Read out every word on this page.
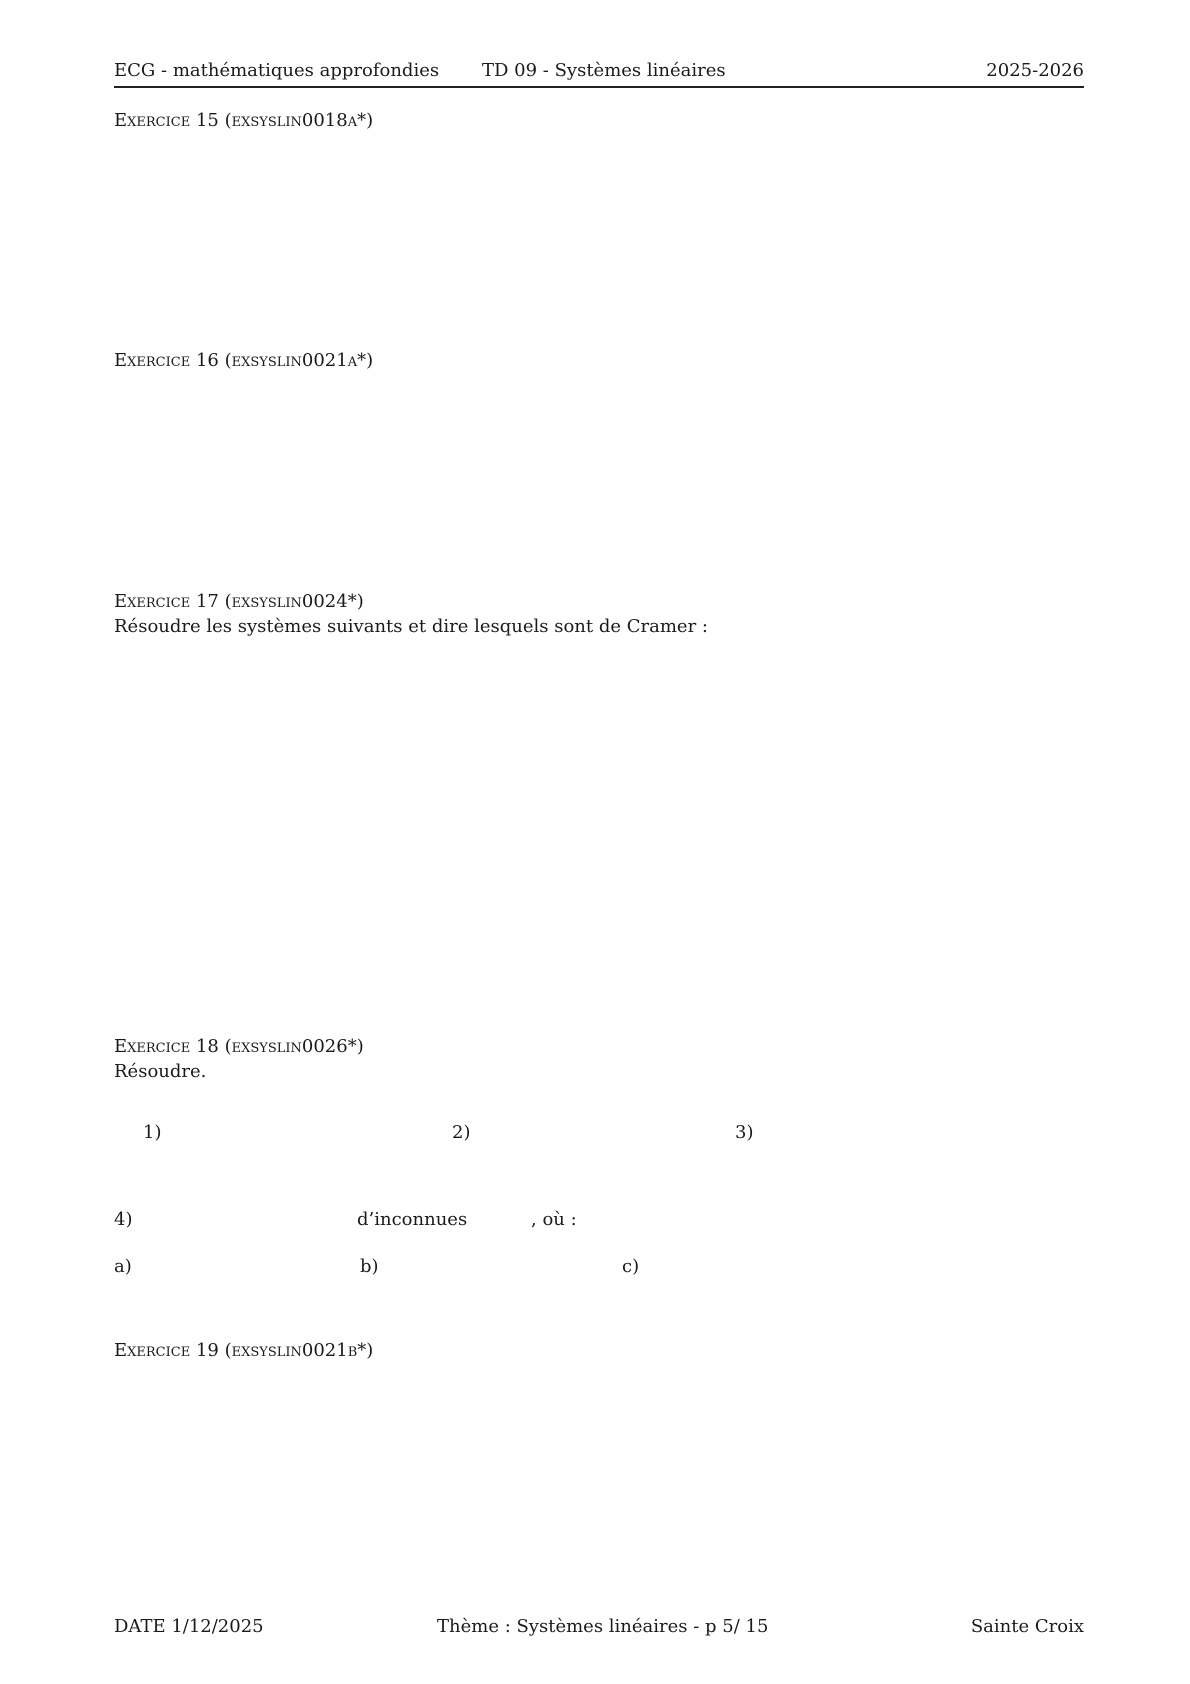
ECG - mathématiques approfondies TD 09 - Systèmes linéaires	2025-2026
Exercice 15 (exsyslin0018a*)
Exercice 16 (exsyslin0021a*)
Exercice 17 (exsyslin0024*)
Résoudre les systèmes suivants et dire lesquels sont de Cramer :
Exercice 18 (exsyslin0026*)
Résoudre.
1)	2)	3)
4)	d’inconnues	, où :
a)	b)	c)
Exercice 19 (exsyslin0021b*)
DATE 1/12/2025	Thème : Systèmes linéaires - p 5/ 15	Sainte Croix
